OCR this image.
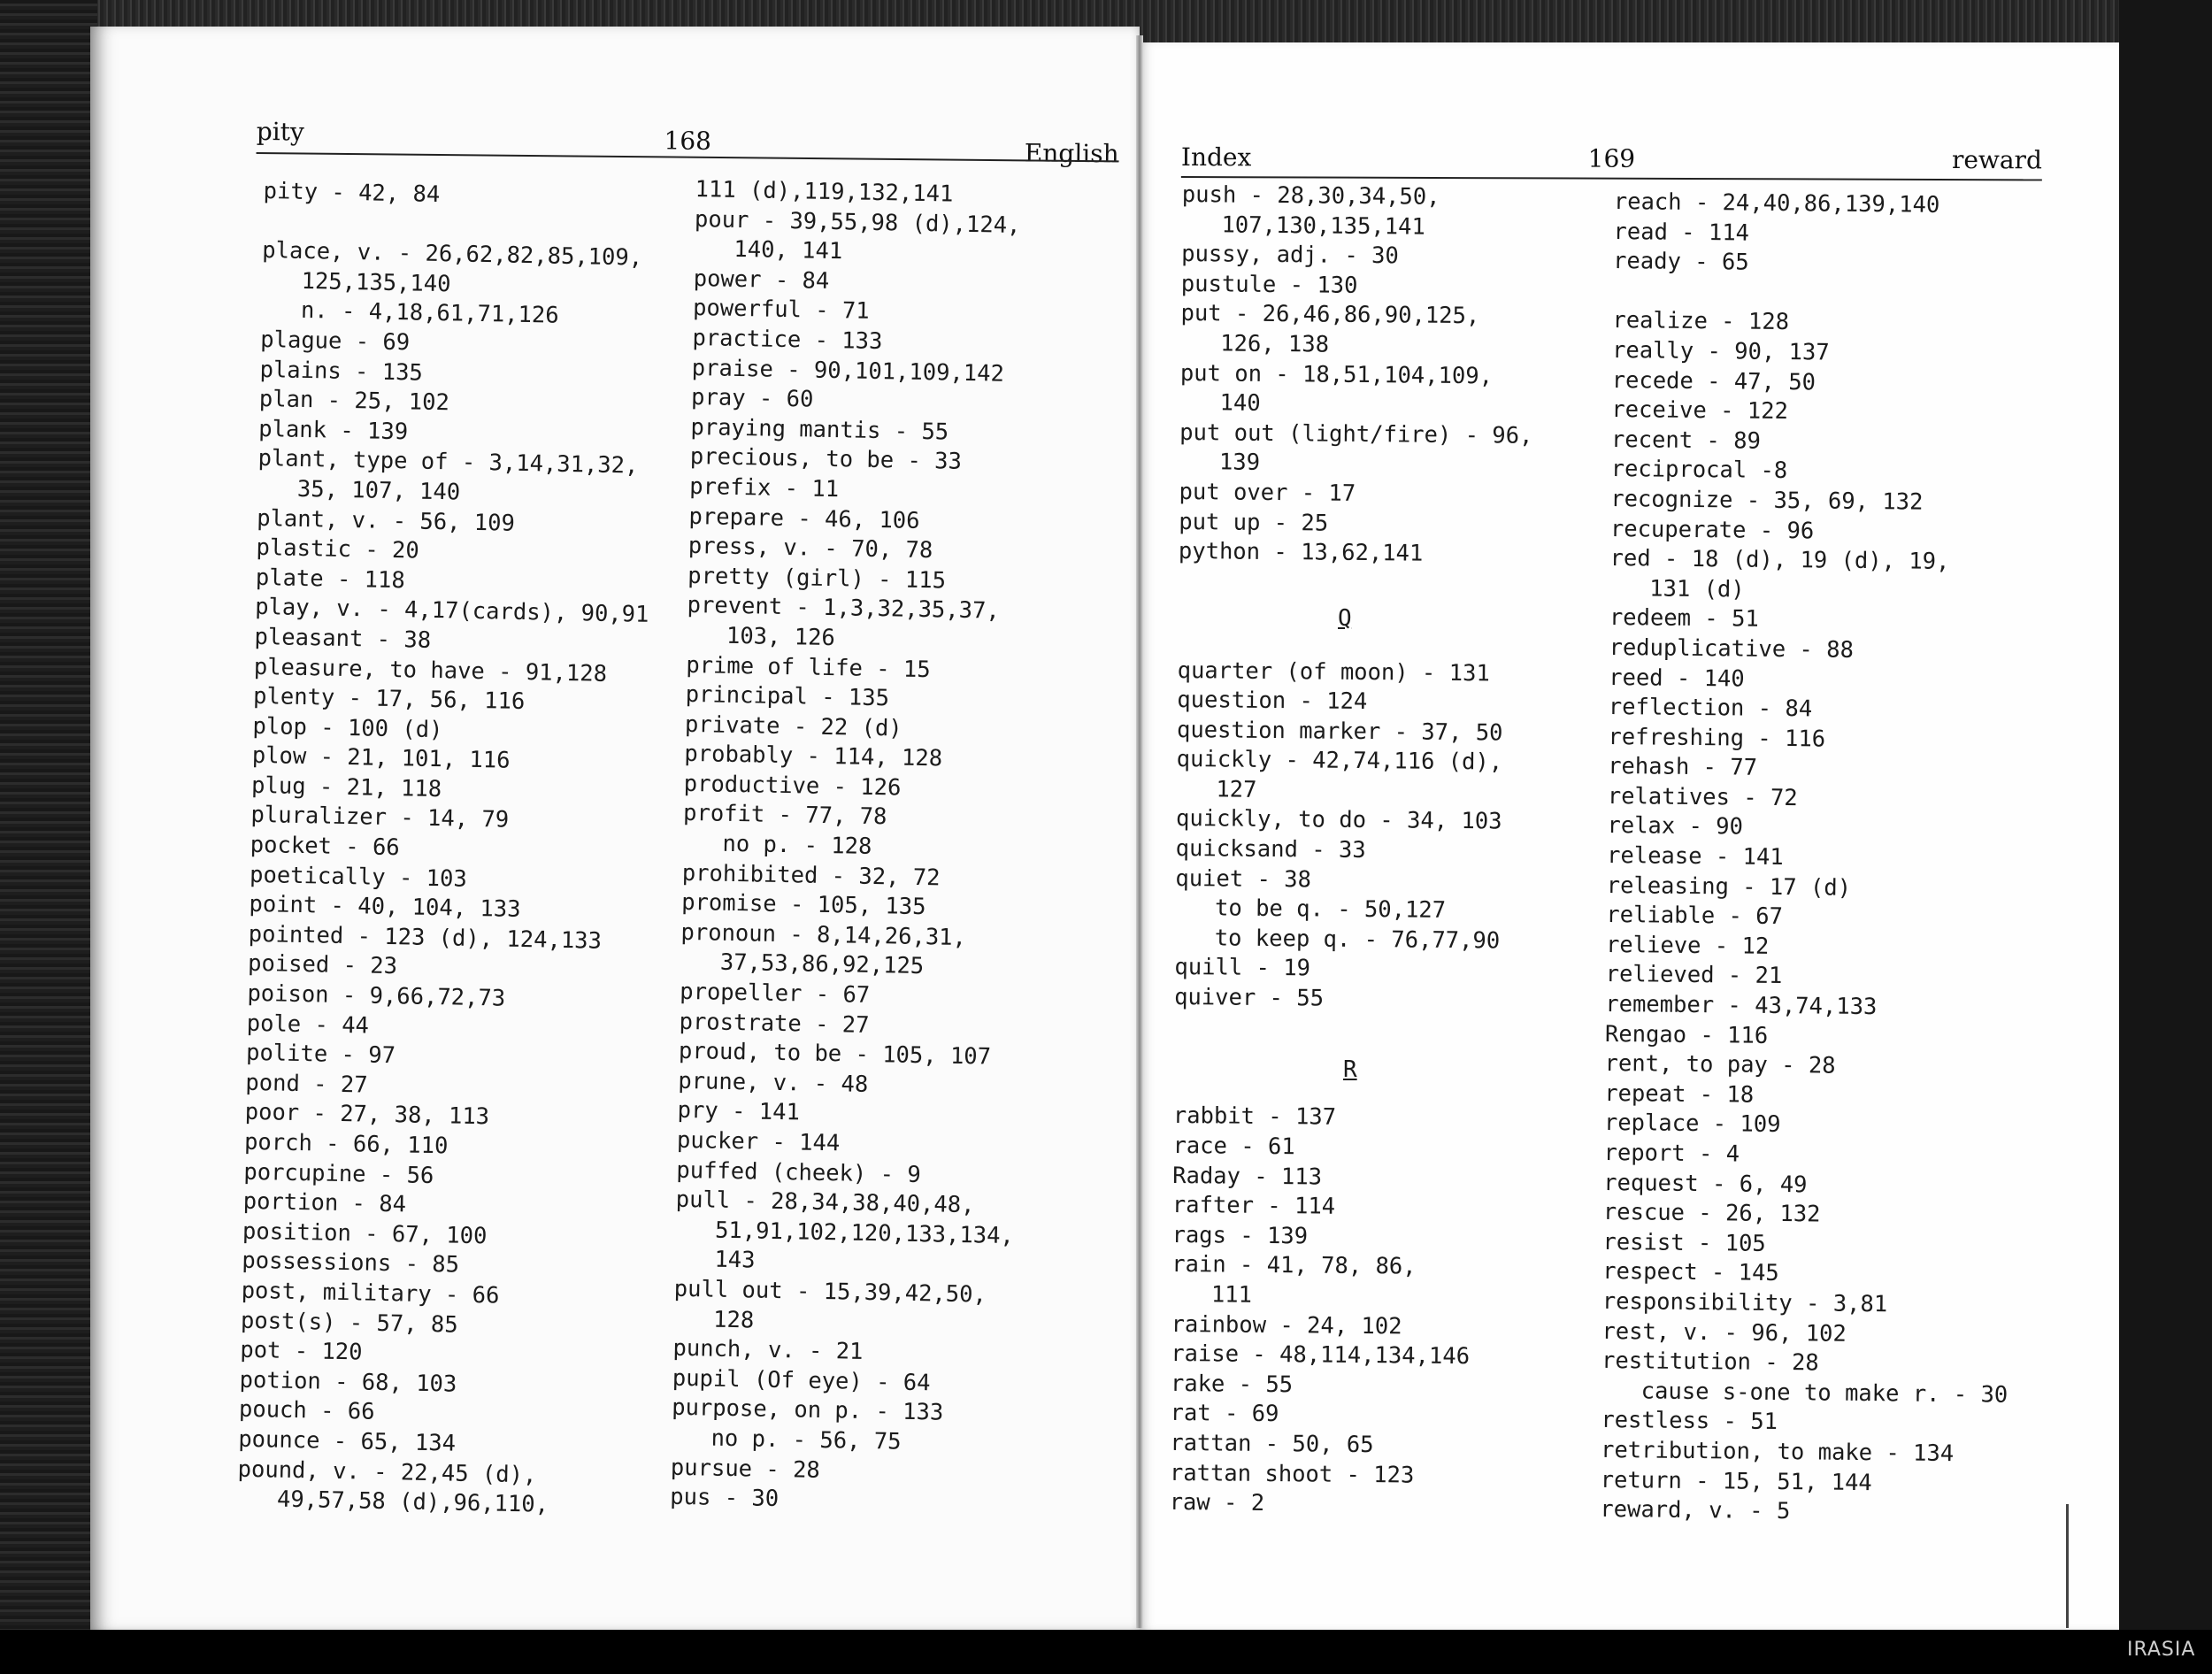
pity	168	English	Index	169	reward
pity - 42, 84
place, v. - 26,62,82,85,109,
125,135,140
n. - 4,18,61,71,126
plague - 69
plains - 135
plan - 25, 102
plank - 139
plant, type of - 3,14,31,32,
35, 107, 140
plant, v. - 56, 109
plastic - 20
plate - 118
play, v. - 4,17(cards), 90,91
pleasant - 38
pleasure, to have - 91,128
plenty - 17, 56, 116
plop - 100 (d)
plow - 21, 101, 116
plug - 21, 118
pluralizer - 14, 79
pocket - 66
poetically - 103
point - 40, 104, 133
pointed - 123 (d), 124,133
poised - 23
poison - 9,66,72,73
pole - 44
polite - 97
pond - 27
poor - 27, 38, 113
porch - 66, 110
porcupine - 56
portion - 84
position - 67, 100
possessions - 85
post, military - 66
post(s) - 57, 85
pot - 120
potion - 68, 103
pouch - 66
pounce - 65, 134
pound, v. - 22,45 (d),
49,57,58 (d),96,110,
111 (d),119,132,141
pour - 39,55,98 (d),124,
140, 141
power - 84
powerful - 71
practice - 133
praise - 90,101,109,142
pray - 60
praying mantis - 55
precious, to be - 33
prefix - 11
prepare - 46, 106
press, v. - 70, 78
pretty (girl) - 115
prevent - 1,3,32,35,37,
103, 126
prime of life - 15
principal - 135
private - 22 (d)
probably - 114, 128
productive - 126
profit - 77, 78
no p. - 128
prohibited - 32, 72
promise - 105, 135
pronoun - 8,14,26,31,
37,53,86,92,125
propeller - 67
prostrate - 27
proud, to be - 105, 107
prune, v. - 48
pry - 141
pucker - 144
puffed (cheek) - 9
pull - 28,34,38,40,48,
51,91,102,120,133,134,
143
pull out - 15,39,42,50,
128
punch, v. - 21
pupil (Of eye) - 64
purpose, on p. - 133
no p. - 56, 75
pursue - 28
pus - 30
push - 28,30,34,50,
107,130,135,141
pussy, adj. - 30
pustule - 130
put - 26,46,86,90,125,
126, 138
put on - 18,51,104,109,
140
put out (light/fire) - 96,
139
put over - 17
put up - 25
python - 13,62,141
quarter (of moon) - 131
question - 124
question marker - 37, 50
quickly - 42,74,116 (d),
127
quickly, to do - 34, 103
quicksand - 33
quiet - 38
to be q. - 50,127
to keep q. - 76,77,90
quill - 19
quiver - 55
rabbit - 137
race - 61
Raday - 113
rafter - 114
rags - 139
rain - 41, 78, 86,
111
rainbow - 24, 102
raise - 48,114,134,146
rake - 55
rat - 69
rattan - 50, 65
rattan shoot - 123
raw - 2
reach - 24,40,86,139,140
read - 114
ready - 65
realize - 128
really - 90, 137
recede - 47, 50
receive - 122
recent - 89
reciprocal -8
recognize - 35, 69, 132
recuperate - 96
red - 18 (d), 19 (d), 19,
131 (d)
redeem - 51
reduplicative - 88
reed - 140
reflection - 84
refreshing - 116
rehash - 77
relatives - 72
relax - 90
release - 141
releasing - 17 (d)
reliable - 67
relieve - 12
relieved - 21
remember - 43,74,133
Rengao - 116
rent, to pay - 28
repeat - 18
replace - 109
report - 4
request - 6, 49
rescue - 26, 132
resist - 105
respect - 145
responsibility - 3,81
rest, v. - 96, 102
restitution - 28
cause s-one to make r. - 30
restless - 51
retribution, to make - 134
return - 15, 51, 144
reward, v. - 5
Q
R
IRASIA
